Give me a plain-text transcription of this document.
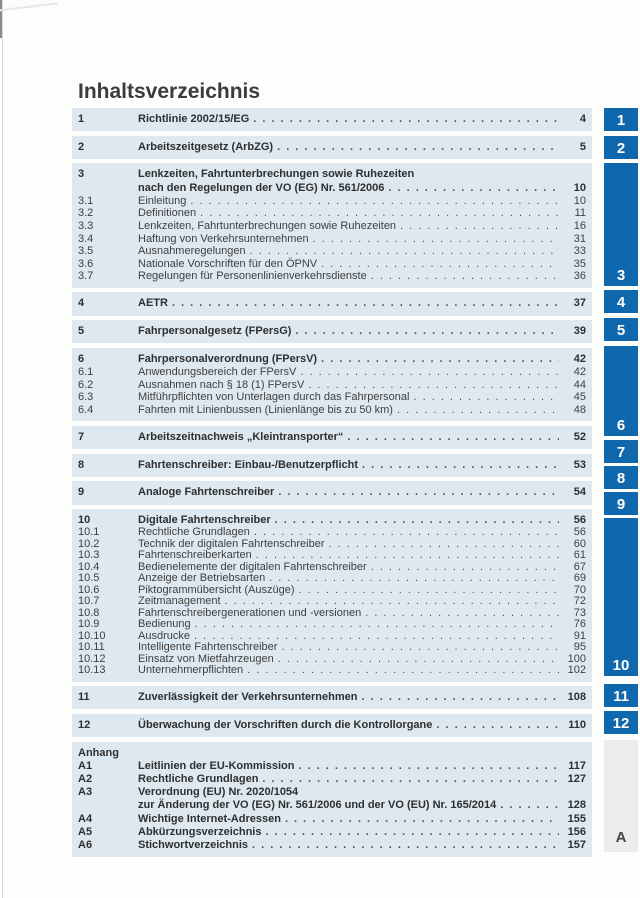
Inhaltsverzeichnis
1	Richtlinie 2002/15/EG . . .	4
2	Arbeitszeitgesetz (ArbZG) . . .	5
3	Lenkzeiten, Fahrtunterbrechungen sowie Ruhezeiten
nach den Regelungen der VO (EG) Nr. 561/2006 . . .	10
3.1	Einleitung . . .	10
3.2	Definitionen . . .	11
3.3	Lenkzeiten, Fahrtunterbrechungen sowie Ruhezeiten . . .	16
3.4	Haftung von Verkehrsunternehmen . . .	31
3.5	Ausnahmeregelungen . . .	33
3.6	Nationale Vorschriften für den ÖPNV . . .	35
3.7	Regelungen für Personenlinienverkehrsdienste . . .	36
4	AETR . . .	37
5	Fahrpersonalgesetz (FPersG) . . .	39
6	Fahrpersonalverordnung (FPersV) . . .	42
6.1	Anwendungsbereich der FPersV . . .	42
6.2	Ausnahmen nach § 18 (1) FPersV . . .	44
6.3	Mitführpflichten von Unterlagen durch das Fahrpersonal . . .	45
6.4	Fahrten mit Linienbussen (Linienlänge bis zu 50 km) . . .	48
7	Arbeitszeitnachweis „Kleintransporter“ . . .	52
8	Fahrtenschreiber: Einbau-/Benutzerpflicht . . .	53
9	Analoge Fahrtenschreiber . . .	54
10	Digitale Fahrtenschreiber . . .	56
10.1	Rechtliche Grundlagen . . .	56
10.2	Technik der digitalen Fahrtenschreiber . . .	60
10.3	Fahrtenschreiberkarten . . .	61
10.4	Bedienelemente der digitalen Fahrtenschreiber . . .	67
10.5	Anzeige der Betriebsarten . . .	69
10.6	Piktogrammübersicht (Auszüge) . . .	70
10.7	Zeitmanagement . . .	72
10.8	Fahrtenschreibergenerationen und -versionen . . .	73
10.9	Bedienung . . .	76
10.10	Ausdrucke . . .	91
10.11	Intelligente Fahrtenschreiber . . .	95
10.12	Einsatz von Mietfahrzeugen . . .	100
10.13	Unternehmerpflichten . . .	102
11	Zuverlässigkeit der Verkehrsunternehmen . . .	108
12	Überwachung der Vorschriften durch die Kontrollorgane . . .	110
Anhang
A1	Leitlinien der EU-Kommission . . .	117
A2	Rechtliche Grundlagen . . .	127
A3	Verordnung (EU) Nr. 2020/1054
zur Änderung der VO (EG) Nr. 561/2006 und der VO (EU) Nr. 165/2014 . . .	128
A4	Wichtige Internet-Adressen . . .	155
A5	Abkürzungsverzeichnis . . .	156
A6	Stichwortverzeichnis . . .	157
1
2
3
4
5
6
7
8
9
10
11
12
A
